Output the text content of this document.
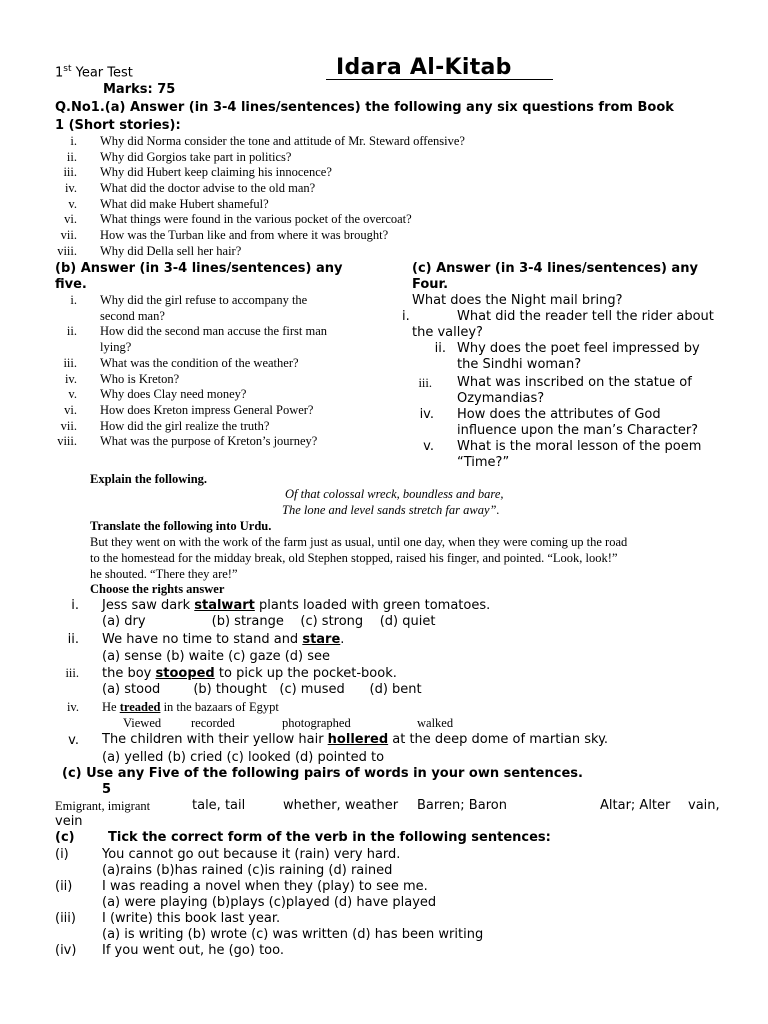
1st Year Test	Idara Al-Kitab
Marks: 75
Q.No1.(a) Answer (in 3-4 lines/sentences) the following any six questions from Book
1 (Short stories):
i. Why did Norma consider the tone and attitude of Mr. Steward offensive?
ii. Why did Gorgios take part in politics?
iii. Why did Hubert keep claiming his innocence?
iv. What did the doctor advise to the old man?
v. What did make Hubert shameful?
vi. What things were found in the various pocket of the overcoat?
vii. How was the Turban like and from where it was brought?
viii. Why did Della sell her hair?
(b) Answer (in 3-4 lines/sentences) any
five.
i.	Why did the girl refuse to accompany the
second man?
ii.	How did the second man accuse the first man
lying?
iii.	What was the condition of the weather?
iv.	Who is Kreton?
v.	Why does Clay need money?
vi.	How does Kreton impress General Power?
vii.	How did the girl realize the truth?
viii.	What was the purpose of Kreton’s journey?
(c) Answer (in 3-4 lines/sentences) any
Four.
What does the Night mail bring?
i.	What did the reader tell the rider about
the valley?
ii. Why does the poet feel impressed by
the Sindhi woman?
iii. What was inscribed on the statue of
Ozymandias?
iv. How does the attributes of God
influence upon the man’s Character?
v. What is the moral lesson of the poem
“Time?”
Explain the following.
Of that colossal wreck, boundless and bare,
The lone and level sands stretch far away”.
Translate the following into Urdu.
But they went on with the work of the farm just as usual, until one day, when they were coming up the road
to the homestead for the midday break, old Stephen stopped, raised his finger, and pointed. “Look, look!”
he shouted. “There they are!”
Choose the rights answer
i. Jess saw dark stalwart plants loaded with green tomatoes.
(a) dry                (b) strange    (c) strong    (d) quiet
ii. We have no time to stand and stare.
(a) sense (b) waite (c) gaze (d) see
iii. the boy stooped to pick up the pocket-book.
(a) stood        (b) thought   (c) mused      (d) bent
iv. He treaded in the bazaars of Egypt
Viewed recorded	photographed	walked
v. The children with their yellow hair hollered at the deep dome of martian sky.
(a) yelled (b) cried (c) looked (d) pointed to
(c) Use any Five of the following pairs of words in your own sentences.
5
Emigrant, imigrant	tale, tail	whether, weather Barren; Baron	Altar; Alter vain,
vein
(c)	Tick the correct form of the verb in the following sentences:
(i)	You cannot go out because it (rain) very hard.
(a)rains (b)has rained (c)is raining (d) rained
(ii) I was reading a novel when they (play) to see me.
(a) were playing (b)plays (c)played (d) have played
(iii) I (write) this book last year.
(a) is writing (b) wrote (c) was written (d) has been writing
(iv) If you went out, he (go) too.
